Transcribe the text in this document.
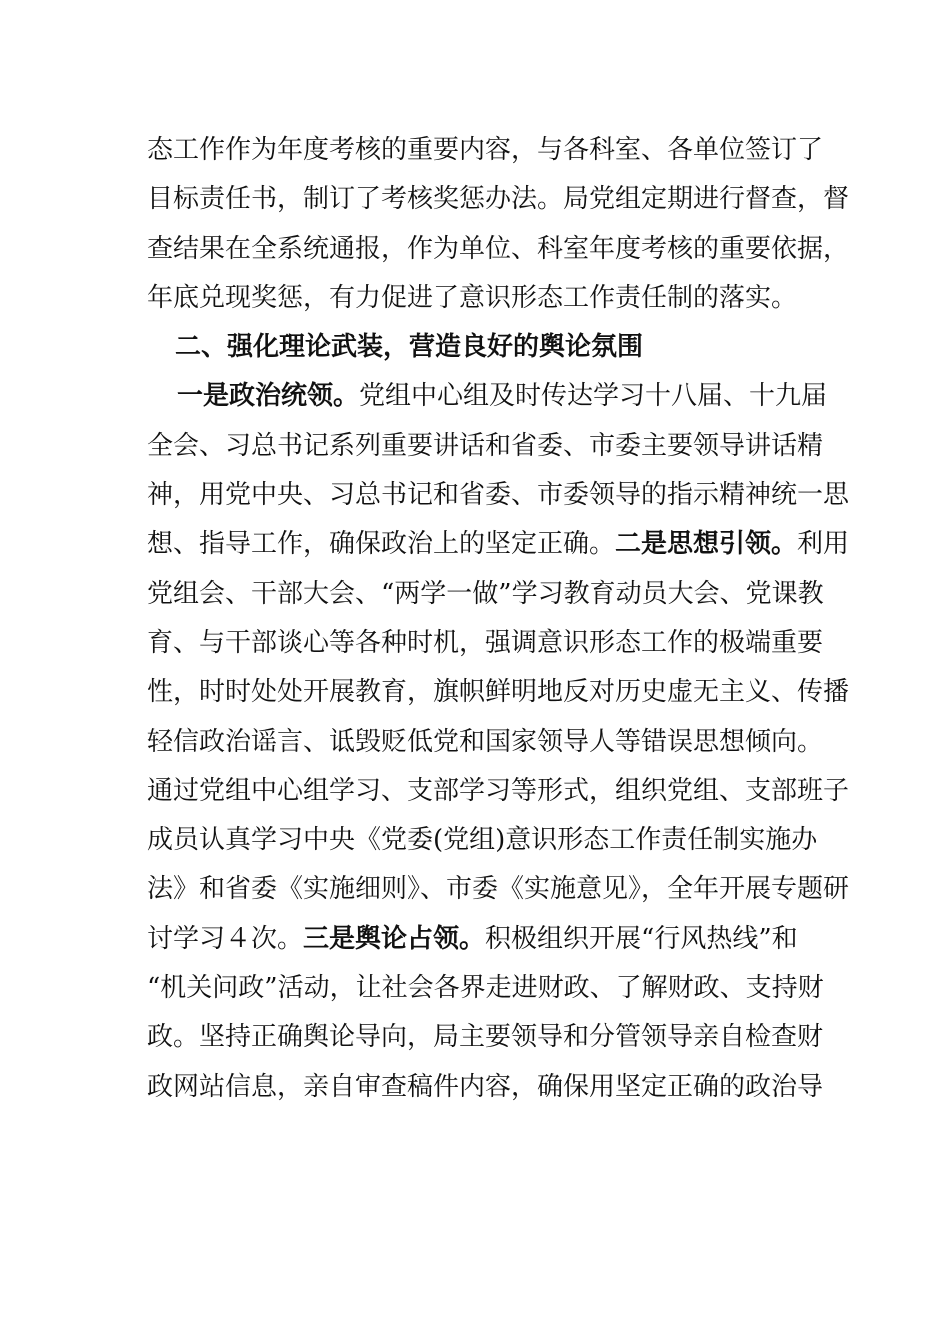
态工作作为年度考核的重要内容，与各科室、各单位签订了
目标责任书，制订了考核奖惩办法。局党组定期进行督查，督
查结果在全系统通报，作为单位、科室年度考核的重要依据，
年底兑现奖惩，有力促进了意识形态工作责任制的落实。
二、强化理论武装，营造良好的舆论氛围
一是政治统领。党组中心组及时传达学习十八届、十九届
全会、习总书记系列重要讲话和省委、市委主要领导讲话精
神，用党中央、习总书记和省委、市委领导的指示精神统一思
想、指导工作，确保政治上的坚定正确。二是思想引领。利用
党组会、干部大会、“两学一做”学习教育动员大会、党课教
育、与干部谈心等各种时机，强调意识形态工作的极端重要
性，时时处处开展教育，旗帜鲜明地反对历史虚无主义、传播
轻信政治谣言、诋毁贬低党和国家领导人等错误思想倾向。
通过党组中心组学习、支部学习等形式，组织党组、支部班子
成员认真学习中央《党委(党组)意识形态工作责任制实施办
法》和省委《实施细则》、市委《实施意见》，全年开展专题研
讨学习４次。三是舆论占领。积极组织开展“行风热线”和
“机关问政”活动，让社会各界走进财政、了解财政、支持财
政。坚持正确舆论导向，局主要领导和分管领导亲自检查财
政网站信息，亲自审查稿件内容，确保用坚定正确的政治导
